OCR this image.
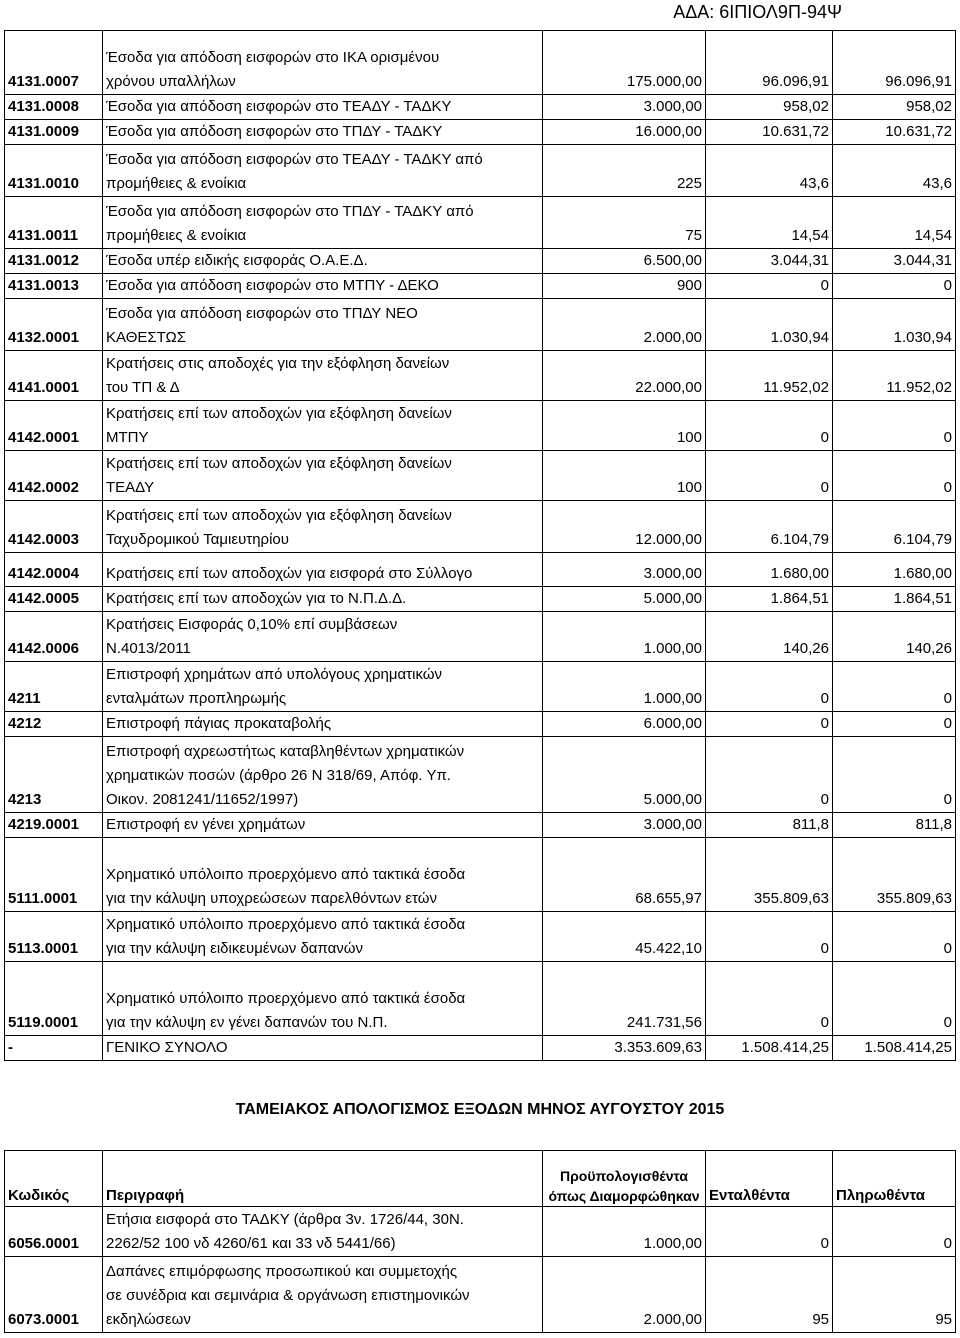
ΑΔΑ: 6ΙΠΙΟΛ9Π-94Ψ
4131.0007	Έσοδα για απόδοση εισφορών στο ΙΚΑ ορισμένου
χρόνου υπαλλήλων	175.000,00	96.096,91	96.096,91
4131.0008	Έσοδα για απόδοση εισφορών στο ΤΕΑΔΥ - ΤΑΔΚΥ	3.000,00	958,02	958,02
4131.0009	Έσοδα για απόδοση εισφορών στο ΤΠΔΥ - ΤΑΔΚΥ	16.000,00	10.631,72	10.631,72
4131.0010	Έσοδα για απόδοση εισφορών στο ΤΕΑΔΥ - ΤΑΔΚΥ από
προμήθειες & ενοίκια	225	43,6	43,6
4131.0011	Έσοδα για απόδοση εισφορών στο ΤΠΔΥ - ΤΑΔΚΥ από
προμήθειες & ενοίκια	75	14,54	14,54
4131.0012	Έσοδα υπέρ ειδικής εισφοράς Ο.Α.Ε.Δ.	6.500,00	3.044,31	3.044,31
4131.0013	Έσοδα για απόδοση εισφορών στο ΜΤΠΥ - ΔΕΚΟ	900	0	0
4132.0001	Έσοδα για απόδοση εισφορών στο ΤΠΔΥ ΝΕΟ
ΚΑΘΕΣΤΩΣ	2.000,00	1.030,94	1.030,94
4141.0001	Κρατήσεις στις αποδοχές για την εξόφληση δανείων
του ΤΠ & Δ	22.000,00	11.952,02	11.952,02
4142.0001	Κρατήσεις επί των αποδοχών για εξόφληση δανείων
ΜΤΠΥ	100	0	0
4142.0002	Κρατήσεις επί των αποδοχών για εξόφληση δανείων
ΤΕΑΔΥ	100	0	0
4142.0003	Κρατήσεις επί των αποδοχών για εξόφληση δανείων
Ταχυδρομικού Ταμιευτηρίου	12.000,00	6.104,79	6.104,79
4142.0004	Κρατήσεις επί των αποδοχών για εισφορά στο Σύλλογο	3.000,00	1.680,00	1.680,00
4142.0005	Κρατήσεις επί των αποδοχών για το Ν.Π.Δ.Δ.	5.000,00	1.864,51	1.864,51
4142.0006	Κρατήσεις Εισφοράς 0,10% επί συμβάσεων
Ν.4013/2011	1.000,00	140,26	140,26
4211	Επιστροφή χρημάτων από υπολόγους χρηματικών
ενταλμάτων προπληρωμής	1.000,00	0	0
4212	Επιστροφή πάγιας προκαταβολής	6.000,00	0	0
4213	Επιστροφή αχρεωστήτως καταβληθέντων χρηματικών
χρηματικών ποσών (άρθρο 26 Ν 318/69, Απόφ. Υπ.
Οικον. 2081241/11652/1997)	5.000,00	0	0
4219.0001	Επιστροφή εν γένει χρημάτων	3.000,00	811,8	811,8
5111.0001	Χρηματικό υπόλοιπο προερχόμενο από τακτικά έσοδα
για την κάλυψη υποχρεώσεων παρελθόντων ετών	68.655,97	355.809,63	355.809,63
5113.0001	Χρηματικό υπόλοιπο προερχόμενο από τακτικά έσοδα
για την κάλυψη ειδικευμένων δαπανών	45.422,10	0	0
5119.0001	Χρηματικό υπόλοιπο προερχόμενο από τακτικά έσοδα
για την κάλυψη εν γένει δαπανών του Ν.Π.	241.731,56	0	0
-	ΓΕΝΙΚΟ ΣΥΝΟΛΟ	3.353.609,63	1.508.414,25	1.508.414,25
ΤΑΜΕΙΑΚΟΣ ΑΠΟΛΟΓΙΣΜΟΣ ΕΞΟΔΩΝ ΜΗΝΟΣ ΑΥΓΟΥΣΤΟΥ 2015
Κωδικός	Περιγραφή	Προϋπολογισθέντα όπως Διαμορφώθηκαν	Ενταλθέντα	Πληρωθέντα
6056.0001	Ετήσια εισφορά στο ΤΑΔΚΥ (άρθρα 3ν. 1726/44, 30Ν.
2262/52 100 νδ 4260/61 και 33 νδ 5441/66)	1.000,00	0	0
6073.0001	Δαπάνες επιμόρφωσης προσωπικού και συμμετοχής
σε συνέδρια και σεμινάρια & οργάνωση επιστημονικών
εκδηλώσεων	2.000,00	95	95
